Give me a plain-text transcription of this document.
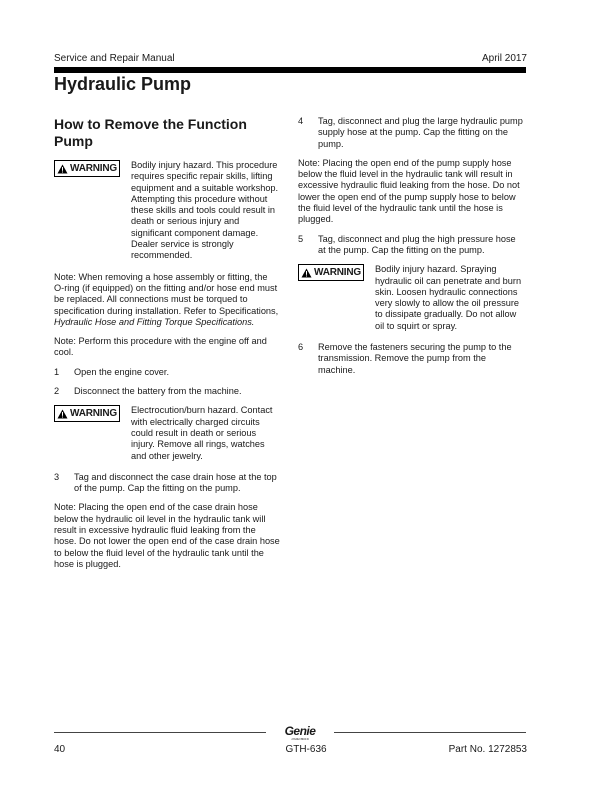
Service and Repair Manual	April 2017
Hydraulic Pump
How to Remove the Function Pump
WARNING Bodily injury hazard. This procedure requires specific repair skills, lifting equipment and a suitable workshop. Attempting this procedure without these skills and tools could result in death or serious injury and significant component damage. Dealer service is strongly recommended.

Note: When removing a hose assembly or fitting, the O-ring (if equipped) on the fitting and/or hose end must be replaced. All connections must be torqued to specification during installation. Refer to Specifications, Hydraulic Hose and Fitting Torque Specifications.

Note: Perform this procedure with the engine off and cool.

1	Open the engine cover.
2	Disconnect the battery from the machine.
WARNING Electrocution/burn hazard. Contact with electrically charged circuits could result in death or serious injury. Remove all rings, watches and other jewelry.
3	Tag and disconnect the case drain hose at the top of the pump. Cap the fitting on the pump.

Note: Placing the open end of the case drain hose below the hydraulic oil level in the hydraulic tank will result in excessive hydraulic fluid leaking from the hose. Do not lower the open end of the case drain hose to below the fluid level of the hydraulic tank until the hose is plugged.

4	Tag, disconnect and plug the large hydraulic pump supply hose at the pump. Cap the fitting on the pump.

Note: Placing the open end of the pump supply hose below the fluid level in the hydraulic tank will result in excessive hydraulic fluid leaking from the hose. Do not lower the open end of the pump supply hose to below the fluid level of the hydraulic tank until the hose is plugged.

5	Tag, disconnect and plug the high pressure hose at the pump. Cap the fitting on the pump.
WARNING Bodily injury hazard. Spraying hydraulic oil can penetrate and burn skin. Loosen hydraulic connections very slowly to allow the oil pressure to dissipate gradually. Do not allow oil to squirt or spray.
6	Remove the fasteners securing the pump to the transmission. Remove the pump from the machine.
Genie
A TEREX BRAND
40	GTH-636	Part No. 1272853
